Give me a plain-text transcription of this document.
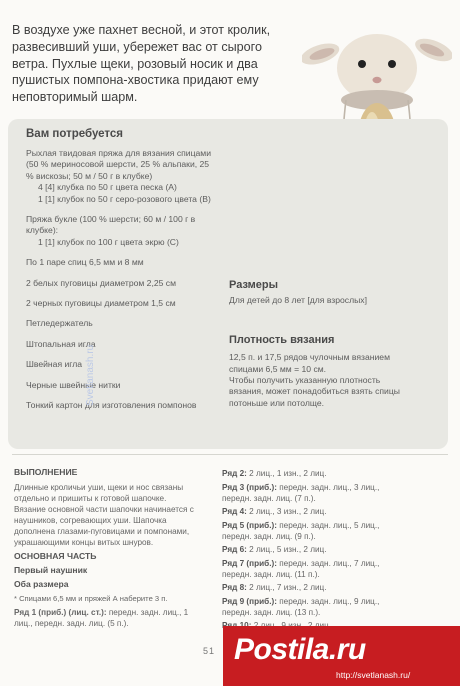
В воздухе уже пахнет весной, и этот кролик, развесивший уши, убережет вас от сырого ветра. Пухлые щеки, розовый носик и два пушистых помпона-хвостика придают ему неповторимый шарм.
Вам потребуется

Рыхлая твидовая пряжа для вязания спицами (50 % мериносовой шерсти, 25 % альпаки, 25 % вискозы; 50 м / 50 г в клубке)

4 [4] клубка по 50 г цвета песка (A)

1 [1] клубок по 50 г серо-розового цвета (B)

Пряжа букле (100 % шерсти; 60 м / 100 г в клубке):

1 [1] клубок по 100 г цвета экрю (C)

По 1 паре спиц 6,5 мм и 8 мм

2 белых пуговицы диаметром 2,25 см

2 черных пуговицы диаметром 1,5 см

Петледержатель

Штопальная игла

Швейная игла

Черные швейные нитки

Тонкий картон для изготовления помпонов

Размеры

Для детей до 8 лет [для взрослых]

Плотность вязания

12,5 п. и 17,5 рядов чулочным вязанием спицами 6,5 мм = 10 см.

Чтобы получить указанную плотность вязания, может понадобиться взять спицы потоньше или потолще.

Svetlanash.ru

ВЫПОЛНЕНИЕ

Длинные кроличьи уши, щеки и нос связаны отдельно и пришиты к готовой шапочке. Вязание основной части шапочки начинается с наушников, согревающих уши. Шапочка дополнена глазами-пуговицами и помпонами, украшающими концы витых шнуров.

ОСНОВНАЯ ЧАСТЬ

Первый наушник

Оба размера

* Спицами 6,5 мм и пряжей А наберите 3 п.

Ряд 1 (приб.) (лиц. ст.): передн. задн. лиц., 1 лиц., передн. задн. лиц. (5 п.).

Ряд 2: 2 лиц., 1 изн., 2 лиц.

Ряд 3 (приб.): передн. задн. лиц., 3 лиц., передн. задн. лиц. (7 п.).

Ряд 4: 2 лиц., 3 изн., 2 лиц.

Ряд 5 (приб.): передн. задн. лиц., 5 лиц., передн. задн. лиц. (9 п.).

Ряд 6: 2 лиц., 5 изн., 2 лиц.

Ряд 7 (приб.): передн. задн. лиц., 7 лиц., передн. задн. лиц. (11 п.).

Ряд 8: 2 лиц., 7 изн., 2 лиц.

Ряд 9 (приб.): передн. задн. лиц., 9 лиц., передн. задн. лиц. (13 п.).

Postila.ru
http://svetlanash.ru/
51
